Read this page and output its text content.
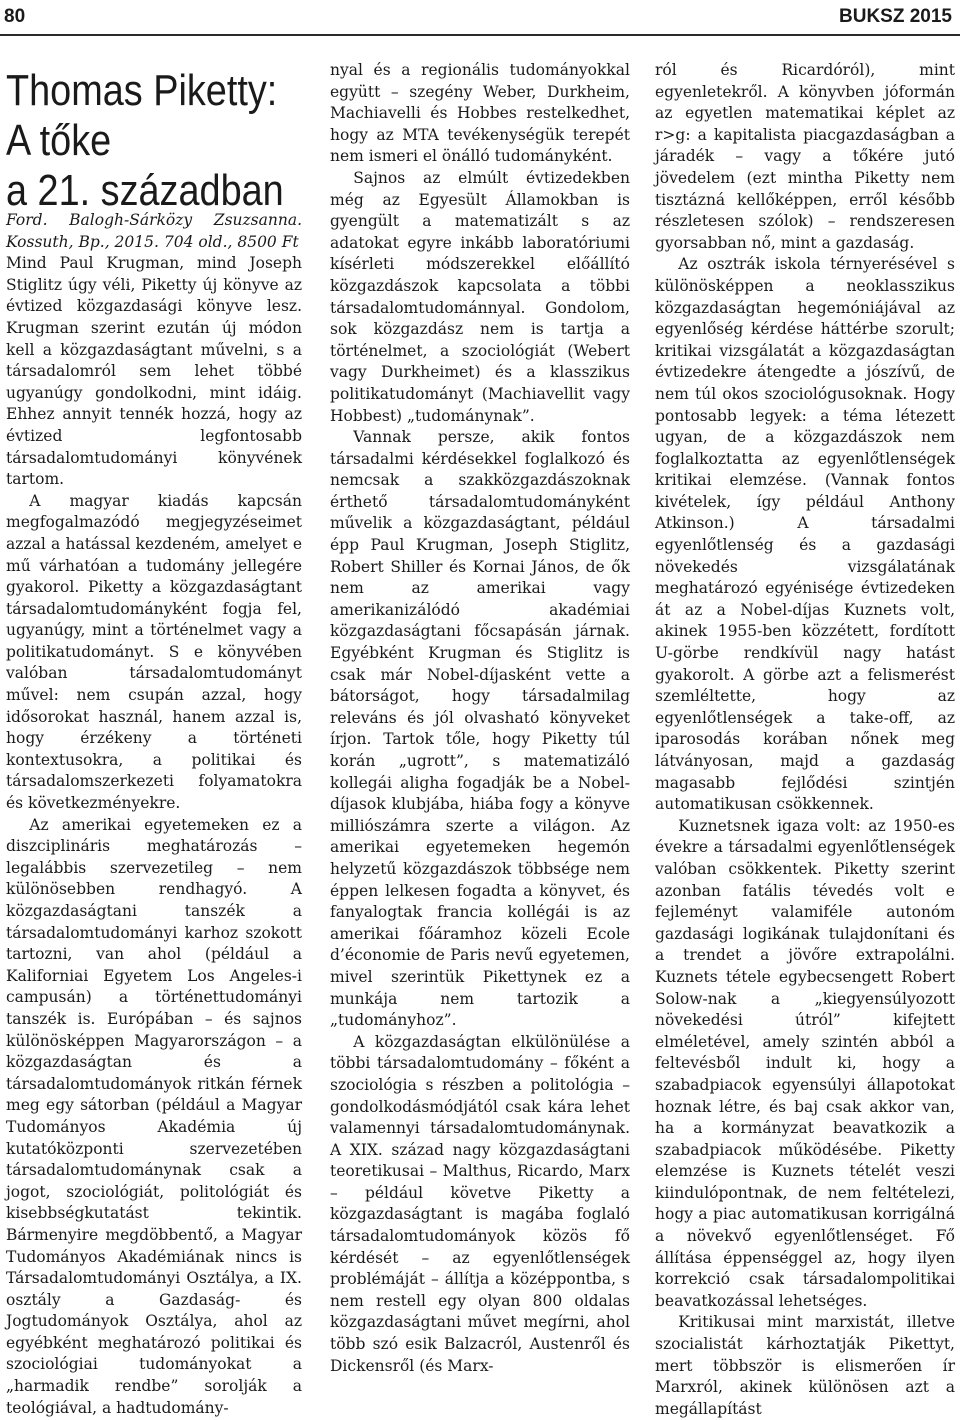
80	BUKSZ 2015
Thomas Piketty:
A tőke
a 21. században

Ford. Balogh-Sárközy Zsuzsanna. Kossuth, Bp., 2015. 704 old., 8500 Ft

Mind Paul Krugman, mind Joseph Stiglitz úgy véli, Piketty új könyve az évtized közgazdasági könyve lesz. Krugman szerint ezután új módon kell a közgazdaságtant művelni, s a társadalomról sem lehet többé ugyanúgy gondolkodni, mint idáig. Ehhez annyit tennék hozzá, hogy az évtized legfontosabb társadalomtudományi könyvének tartom.

A magyar kiadás kapcsán megfogalmazódó megjegyzéseimet azzal a hatással kezdeném, amelyet e mű várhatóan a tudomány jellegére gyakorol. Piketty a közgazdaságtant társadalomtudományként fogja fel, ugyanúgy, mint a történelmet vagy a politikatudományt. S e könyvében valóban társadalomtudományt művel: nem csupán azzal, hogy idősorokat használ, hanem azzal is, hogy érzékeny a történeti kontextusokra, a politikai és társadalomszerkezeti folyamatokra és következményekre.

Az amerikai egyetemeken ez a diszciplináris meghatározás – legalábbis szervezetileg – nem különösebben rendhagyó. A közgazdaságtani tanszék a társadalomtudományi karhoz szokott tartozni, van ahol (például a Kaliforniai Egyetem Los Angeles-i campusán) a történettudományi tanszék is. Európában – és sajnos különösképpen Magyarországon – a közgazdaságtan és a társadalomtudományok ritkán férnek meg egy sátorban (például a Magyar Tudományos Akadémia új kutatóközponti szervezetében társadalomtudománynak csak a jogot, szociológiát, politológiát és kisebbségkutatást tekintik. Bármenyire megdöbbentő, a Magyar Tudományos Akadémiának nincs is Társadalomtudományi Osztálya, a IX. osztály a Gazdaság- és Jogtudományok Osztálya, ahol az egyébként meghatározó politikai és szociológiai tudományokat a „harmadik rendbe” sorolják a teológiával, a hadtudomány-

nyal és a regionális tudományokkal együtt – szegény Weber, Durkheim, Machiavelli és Hobbes restelkedhet, hogy az MTA tevékenységük terepét nem ismeri el önálló tudományként.

Sajnos az elmúlt évtizedekben még az Egyesült Államokban is gyengült a matematizált s az adatokat egyre inkább laboratóriumi kísérleti módszerekkel előállító közgazdászok kapcsolata a többi társadalomtudománnyal. Gondolom, sok közgazdász nem is tartja a történelmet, a szociológiát (Webert vagy Durkheimet) és a klasszikus politikatudományt (Machiavellit vagy Hobbest) „tudománynak”.

Vannak persze, akik fontos társadalmi kérdésekkel foglalkozó és nemcsak a szakközgazdászoknak érthető társadalomtudományként művelik a közgazdaságtant, például épp Paul Krugman, Joseph Stiglitz, Robert Shiller és Kornai János, de ők nem az amerikai vagy amerikanizálódó akadémiai közgazdaságtani főcsapásán járnak. Egyébként Krugman és Stiglitz is csak már Nobel-díjasként vette a bátorságot, hogy társadalmilag releváns és jól olvasható könyveket írjon. Tartok tőle, hogy Piketty túl korán „ugrott”, s matematizáló kollegái aligha fogadják be a Nobel-díjasok klubjába, hiába fogy a könyve milliószámra szerte a világon. Az amerikai egyetemeken hegemón helyzetű közgazdászok többsége nem éppen lelkesen fogadta a könyvet, és fanyalogtak francia kollégái is az amerikai főáramhoz közeli Ecole d’économie de Paris nevű egyetemen, mivel szerintük Pikettynek ez a munkája nem tartozik a „tudományhoz”.

A közgazdaságtan elkülönülése a többi társadalomtudomány – főként a szociológia s részben a politológia – gondolkodásmódjától csak kára lehet valamennyi társadalomtudománynak. A XIX. század nagy közgazdaságtani teoretikusai – Malthus, Ricardo, Marx – például követve Piketty a közgazdaságtant is magába foglaló társadalomtudományok közös fő kérdését – az egyenlőtlenségek problémáját – állítja a középpontba, s nem restell egy olyan 800 oldalas közgazdaságtani művet megírni, ahol több szó esik Balzacról, Austenről és Dickensről (és Marx-

ról és Ricardóról), mint egyenletekről. A könyvben jóformán az egyetlen matematikai képlet az r>g: a kapitalista piacgazdaságban a járadék – vagy a tőkére jutó jövedelem (ezt mintha Piketty nem tisztázná kellőképpen, erről később részletesen szólok) – rendszeresen gyorsabban nő, mint a gazdaság.

Az osztrák iskola térnyerésével s különösképpen a neoklasszikus közgazdaságtan hegemóniájával az egyenlőség kérdése háttérbe szorult; kritikai vizsgálatát a közgazdaságtan évtizedekre átengedte a jószívű, de nem túl okos szociológusoknak. Hogy pontosabb legyek: a téma létezett ugyan, de a közgazdászok nem foglalkoztatta az egyenlőtlenségek kritikai elemzése. (Vannak fontos kivételek, így például Anthony Atkinson.) A társadalmi egyenlőtlenség és a gazdasági növekedés vizsgálatának meghatározó egyénisége évtizedeken át az a Nobel-díjas Kuznets volt, akinek 1955-ben közzétett, fordított U-görbe rendkívül nagy hatást gyakorolt. A görbe azt a felismerést szemléltette, hogy az egyenlőtlenségek a take-off, az iparosodás korában nőnek meg látványosan, majd a gazdaság magasabb fejlődési szintjén automatikusan csökkennek.

Kuznetsnek igaza volt: az 1950-es évekre a társadalmi egyenlőtlenségek valóban csökkentek. Piketty szerint azonban fatális tévedés volt e fejleményt valamiféle autonóm gazdasági logikának tulajdonítani és a trendet a jövőre extrapolálni. Kuznets tétele egybecsengett Robert Solow-nak a „kiegyensúlyozott növekedési útról” kifejtett elméletével, amely szintén abból a feltevésből indult ki, hogy a szabadpiacok egyensúlyi állapotokat hoznak létre, és baj csak akkor van, ha a kormányzat beavatkozik a szabadpiacok működésébe. Piketty elemzése is Kuznets tételét veszi kiindulópontnak, de nem feltételezi, hogy a piac automatikusan korrigálná a növekvő egyenlőtlenséget. Fő állítása éppenséggel az, hogy ilyen korrekció csak társadalompolitikai beavatkozással lehetséges.

Kritikusai mint marxistát, illetve szocialistát kárhoztatják Pikettyt, mert többször is elismerően ír Marxról, akinek különösen azt a megállapítást
